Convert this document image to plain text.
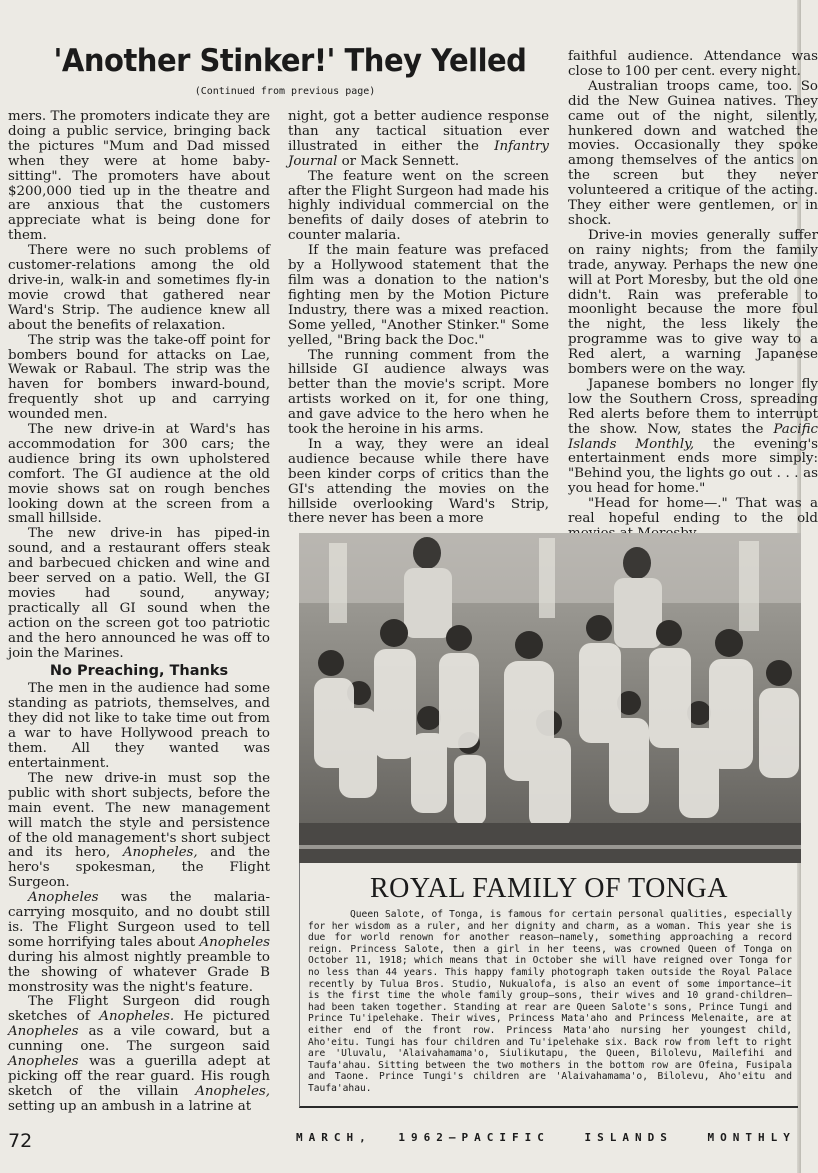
'Another Stinker!' They Yelled
(Continued from previous page)

mers. The promoters indicate they are doing a public service, bringing back the pictures "Mum and Dad missed when they were at home baby-sitting". The promoters have about $200,000 tied up in the theatre and are anxious that the customers appreciate what is being done for them.

There were no such problems of customer-relations among the old drive-in, walk-in and sometimes fly-in movie crowd that gathered near Ward's Strip. The audience knew all about the benefits of relaxation.

The strip was the take-off point for bombers bound for attacks on Lae, Wewak or Rabaul. The strip was the haven for bombers inward-bound, frequently shot up and carrying wounded men.

The new drive-in at Ward's has accommodation for 300 cars; the audience bring its own upholstered comfort. The GI audience at the old movie shows sat on rough benches looking down at the screen from a small hillside.

The new drive-in has piped-in sound, and a restaurant offers steak and barbecued chicken and wine and beer served on a patio. Well, the GI movies had sound, anyway; practically all GI sound when the action on the screen got too patriotic and the hero announced he was off to join the Marines.

No Preaching, Thanks

The men in the audience had some standing as patriots, themselves, and they did not like to take time out from a war to have Hollywood preach to them. All they wanted was entertainment.

The new drive-in must sop the public with short subjects, before the main event. The new management will match the style and persistence of the old management's short subject and its hero, Anopheles, and the hero's spokesman, the Flight Surgeon.

Anopheles was the malaria-carrying mosquito, and no doubt still is. The Flight Surgeon used to tell some horrifying tales about Anopheles during his almost nightly preamble to the showing of whatever Grade B monstrosity was the night's feature.

The Flight Surgeon did rough sketches of Anopheles. He pictured Anopheles as a vile coward, but a cunning one. The surgeon said Anopheles was a guerilla adept at picking off the rear guard. His rough sketch of the villain Anopheles, setting up an ambush in a latrine at

night, got a better audience response than any tactical situation ever illustrated in either the Infantry Journal or Mack Sennett.

The feature went on the screen after the Flight Surgeon had made his highly individual commercial on the benefits of daily doses of atebrin to counter malaria.

If the main feature was prefaced by a Hollywood statement that the film was a donation to the nation's fighting men by the Motion Picture Industry, there was a mixed reaction. Some yelled, "Another Stinker." Some yelled, "Bring back the Doc."

The running comment from the hillside GI audience always was better than the movie's script. More artists worked on it, for one thing, and gave advice to the hero when he took the heroine in his arms.

In a way, they were an ideal audience because while there have been kinder corps of critics than the GI's attending the movies on the hillside overlooking Ward's Strip, there never has been a more

faithful audience. Attendance was close to 100 per cent. every night.

Australian troops came, too. So did the New Guinea natives. They came out of the night, silently, hunkered down and watched the movies. Occasionally they spoke among themselves of the antics on the screen but they never volunteered a critique of the acting. They either were gentlemen, or in shock.

Drive-in movies generally suffer on rainy nights; from the family trade, anyway. Perhaps the new one will at Port Moresby, but the old one didn't. Rain was preferable to moonlight because the more foul the night, the less likely the programme was to give way to a Red alert, a warning Japanese bombers were on the way.

Japanese bombers no longer fly low the Southern Cross, spreading Red alerts before them to interrupt the show. Now, states the Pacific Islands Monthly, the evening's entertainment ends more simply: "Behind you, the lights go out . . . as you head for home."

"Head for home—." That was a real hopeful ending to the old

ROYAL FAMILY OF TONGA
Queen Salote, of Tonga, is famous for certain personal qualities, especially for her wisdom as a ruler, and her dignity and charm, as a woman. This year she is due for world renown for another reason—namely, something approaching a record reign. Princess Salote, then a girl in her teens, was crowned Queen of Tonga on October 11, 1918; which means that in October she will have reigned over Tonga for no less than 44 years. This happy family photograph taken outside the Royal Palace recently by Tulua Bros. Studio, Nukualofa, is also an event of some importance—it is the first time the whole family group—sons, their wives and 10 grand-children—had been taken together. Standing at rear are Queen Salote's sons, Prince Tungi and Prince Tu'ipelehake. Their wives, Princess Mata'aho and Princess Melenaite, are at either end of the front row. Princess Mata'aho nursing her youngest child, Aho'eitu. Tungi has four children and Tu'ipelehake six. Back row from left to right are 'Uluvalu, 'Alaivahamama'o, Siulikutapu, the Queen, Bilolevu, Mailefihi and Taufa'ahau. Sitting between the two mothers in the bottom row are Ofeina, Fusipala and Taone. Prince Tungi's children are 'Alaivahamama'o, Bilolevu, Aho'eitu and Taufa'ahau.
72	MARCH, 1962—PACIFIC	ISLANDS	MONTHLY
